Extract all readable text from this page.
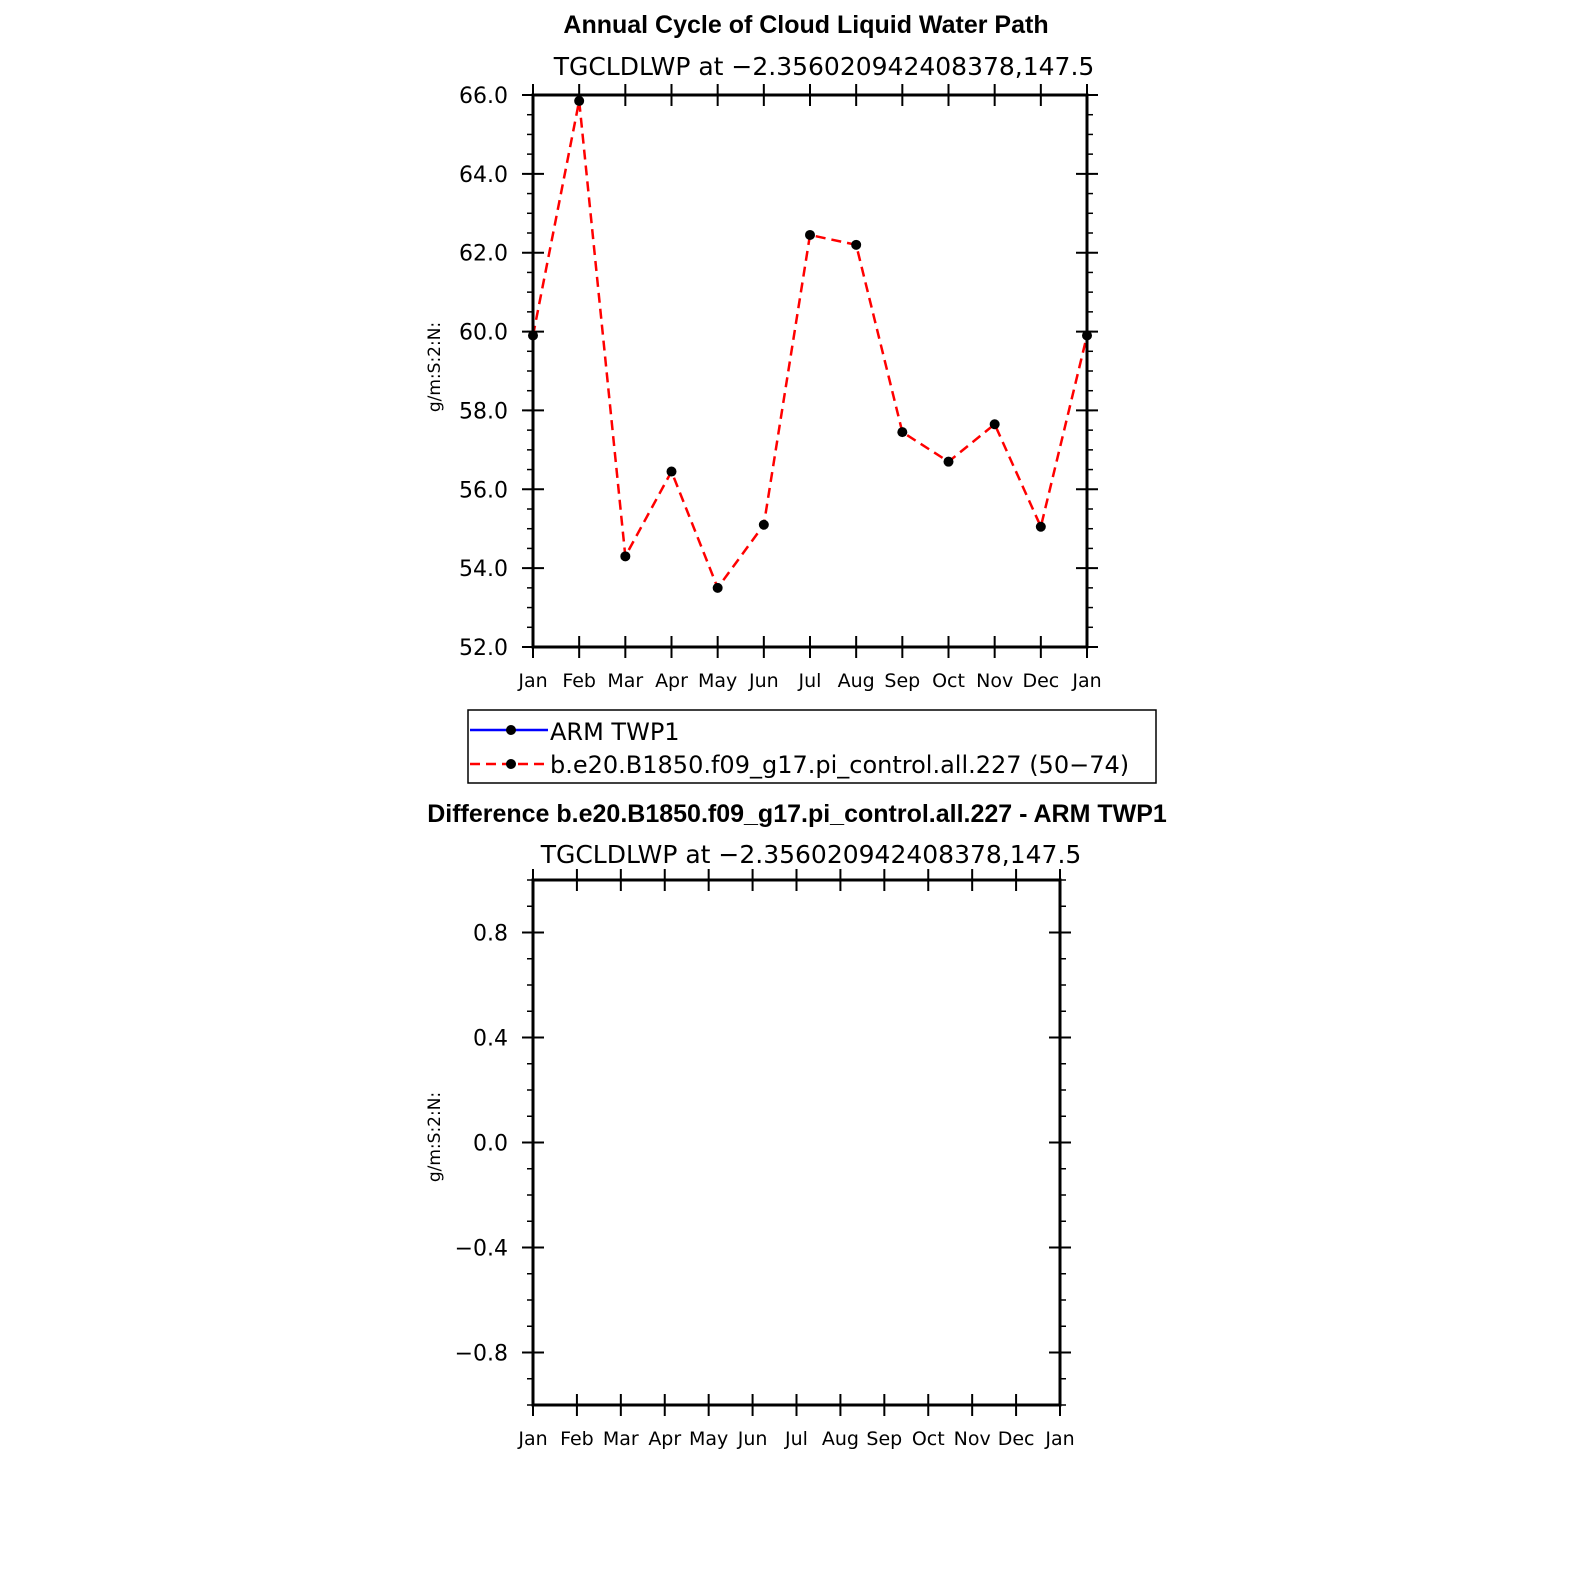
Annual Cycle of Cloud Liquid Water Path
TGCLDLWP at −2.356020942408378,147.5
g/m:S:2:N:
Jan Feb Mar Apr May Jun Jul Aug Sep Oct Nov Dec Jan
52.0
54.0
56.0
58.0
60.0
62.0
64.0
66.0
ARM TWP1
b.e20.B1850.f09_g17.pi_control.all.227 (50−74)
Difference b.e20.B1850.f09_g17.pi_control.all.227 - ARM TWP1
TGCLDLWP at −2.356020942408378,147.5
g/m:S:2:N:
Jan Feb Mar Apr May Jun Jul Aug Sep Oct Nov Dec Jan
−0.8
−0.4
0.0
0.4
0.8
